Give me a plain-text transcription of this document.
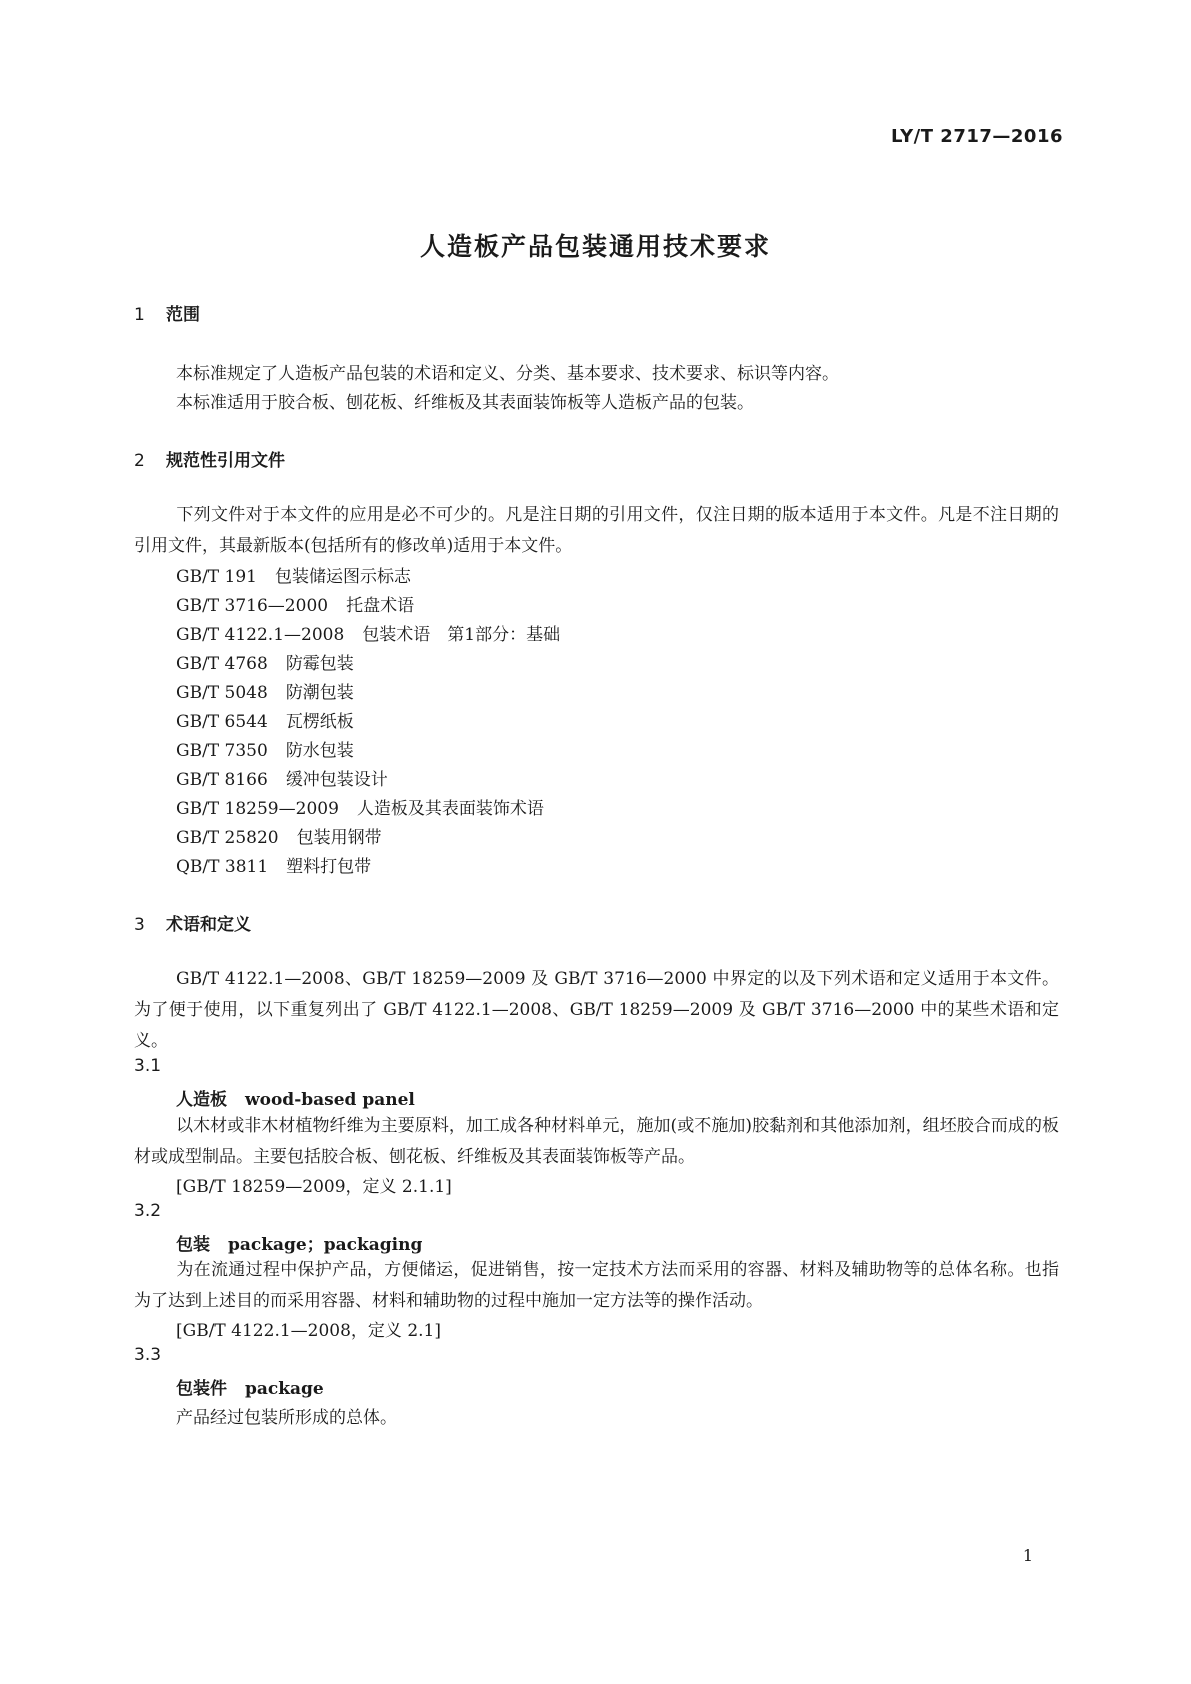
LY/T 2717—2016
人造板产品包装通用技术要求
1 范围
本标准规定了人造板产品包装的术语和定义、分类、基本要求、技术要求、标识等内容。
本标准适用于胶合板、刨花板、纤维板及其表面装饰板等人造板产品的包装。
2 规范性引用文件
下列文件对于本文件的应用是必不可少的。凡是注日期的引用文件，仅注日期的版本适用于本文件。凡是不注日期的引用文件，其最新版本(包括所有的修改单)适用于本文件。
GB/T 191 包装储运图示标志
GB/T 3716—2000 托盘术语
GB/T 4122.1—2008 包装术语　第1部分：基础
GB/T 4768 防霉包装
GB/T 5048 防潮包装
GB/T 6544 瓦楞纸板
GB/T 7350 防水包装
GB/T 8166 缓冲包装设计
GB/T 18259—2009 人造板及其表面装饰术语
GB/T 25820 包装用钢带
QB/T 3811 塑料打包带
3 术语和定义
GB/T 4122.1—2008、GB/T 18259—2009 及 GB/T 3716—2000 中界定的以及下列术语和定义适用于本文件。为了便于使用，以下重复列出了 GB/T 4122.1—2008、GB/T 18259—2009 及 GB/T 3716—2000 中的某些术语和定义。
3.1
人造板 wood-based panel
以木材或非木材植物纤维为主要原料，加工成各种材料单元，施加(或不施加)胶黏剂和其他添加剂，组坯胶合而成的板材或成型制品。主要包括胶合板、刨花板、纤维板及其表面装饰板等产品。
[GB/T 18259—2009，定义 2.1.1]
3.2
包装 package；packaging
为在流通过程中保护产品，方便储运，促进销售，按一定技术方法而采用的容器、材料及辅助物等的总体名称。也指为了达到上述目的而采用容器、材料和辅助物的过程中施加一定方法等的操作活动。
[GB/T 4122.1—2008，定义 2.1]
3.3
包装件 package
产品经过包装所形成的总体。
1
